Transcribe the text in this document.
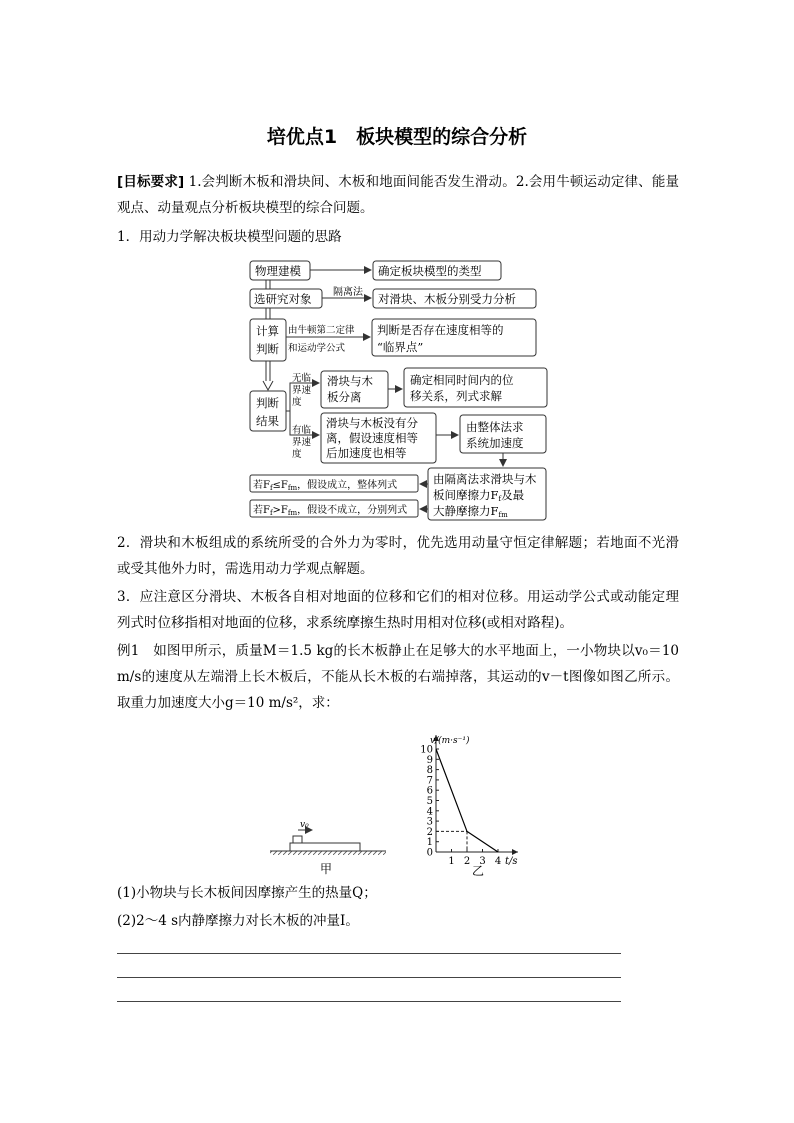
培优点1　板块模型的综合分析

[目标要求] 1.会判断木板和滑块间、木板和地面间能否发生滑动。2.会用牛顿运动定律、能量观点、动量观点分析板块模型的综合问题。

1．用动力学解决板块模型问题的思路
物理建模	确定板块模型的类型
选研究对象 隔离法 对滑块、木板分别受力分析
计算
判断
由牛顿第二定律
和运动学公式
判断是否存在速度相等的
“临界点”
判断
结果
无临
界速
度
有临
界速
度
滑块与木
板分离
确定相同时间内的位
移关系，列式求解
滑块与木板没有分
离，假设速度相等
后加速度也相等
由整体法求
系统加速度
由隔离法求滑块与木
板间摩擦力Ff及最
大静摩擦力Ffm
若$F_f\le F_{fm}$，假设成立，整体列式
若$F_f>F_{fm}$，假设不成立，分别列式

2．滑块和木板组成的系统所受的合外力为零时，优先选用动量守恒定律解题；若地面不光滑或受其他外力时，需选用动力学观点解题。

3．应注意区分滑块、木板各自相对地面的位移和它们的相对位移。用运动学公式或动能定理列式时位移指相对地面的位移，求系统摩擦生热时用相对位移(或相对路程)。

例1　 如图甲所示，质量M＝1.5 kg的长木板静止在足够大的水平地面上，一小物块以v₀＝10 m/s的速度从左端滑上长木板后，不能从长木板的右端掉落，其运动的v－t图像如图乙所示。取重力加速度大小g＝10 m/s²，求：

v₀
甲
0
1
2
3
4
5
6
7
8
9
10
1 2 3 4
v/(m·s⁻¹)
t/s
乙
(1)小物块与长木板间因摩擦产生的热量Q；
(2)2～4 s内静摩擦力对长木板的冲量I。
